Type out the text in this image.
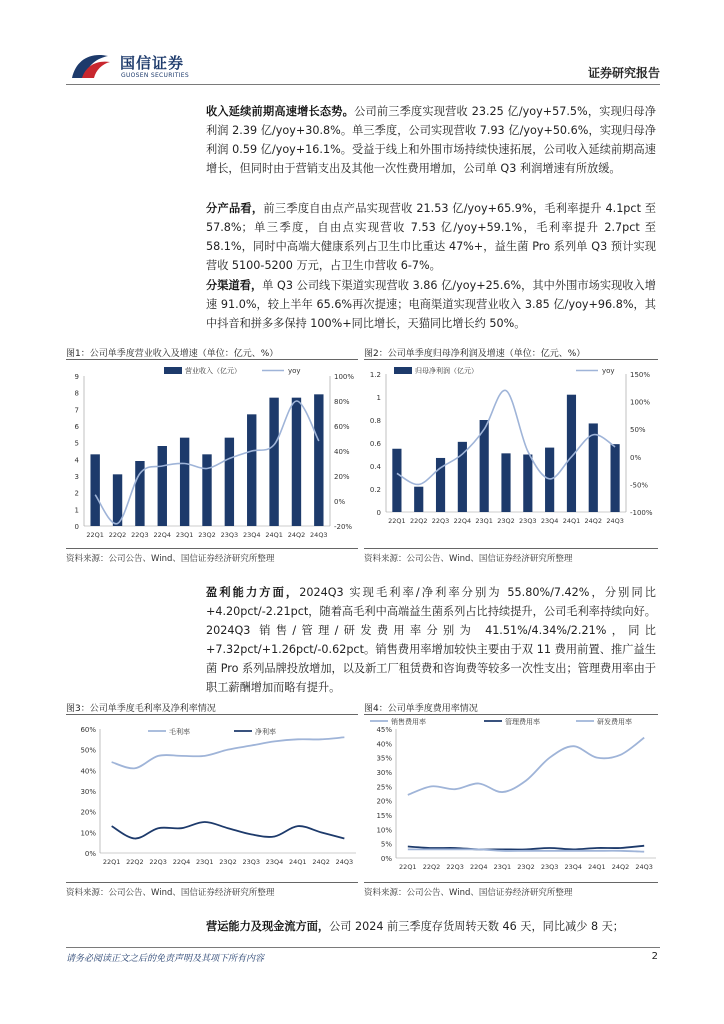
国信证券
GUOSEN SECURITIES	证券研究报告
收入延续前期高速增长态势。公司前三季度实现营收 23.25 亿/yoy+57.5%，实现归母净利润 2.39 亿/yoy+30.8%。单三季度，公司实现营收 7.93 亿/yoy+50.6%，实现归母净利润 0.59 亿/yoy+16.1%。受益于线上和外围市场持续快速拓展，公司收入延续前期高速增长，但同时由于营销支出及其他一次性费用增加，公司单 Q3 利润增速有所放缓。
分产品看，前三季度自由点产品实现营收 21.53 亿/yoy+65.9%，毛利率提升 4.1pct 至 57.8%；单三季度，自由点实现营收 7.53 亿/yoy+59.1%，毛利率提升 2.7pct 至 58.1%，同时中高端大健康系列占卫生巾比重达 47%+，益生菌 Pro 系列单 Q3 预计实现营收 5100-5200 万元，占卫生巾营收 6-7%。
分渠道看，单 Q3 公司线下渠道实现营收 3.86 亿/yoy+25.6%，其中外围市场实现收入增速 91.0%，较上半年 65.6%再次提速；电商渠道实现营业收入 3.85 亿/yoy+96.8%，其中抖音和拼多多保持 100%+同比增长，天猫同比增长约 50%。
图1：公司单季度营业收入及增速（单位：亿元、%）
0
1
2
3
4
5
6
7
8
9
-20%
0%
20%
40%
60%
80%
100%
22Q1 22Q2 22Q3 22Q4 23Q1 23Q2 23Q3 23Q4 24Q1 24Q2 24Q3
营业收入（亿元）	yoy
资料来源：公司公告、Wind、国信证券经济研究所整理
图2：公司单季度归母净利润及增速（单位：亿元、%）
0
0.2
0.4
0.6
0.8
1
1.2
-100%
-50%
0%
50%
100%
150%
22Q1 22Q2 22Q3 22Q4 23Q1 23Q2 23Q3 23Q4 24Q1 24Q2 24Q3
归母净利润（亿元）	yoy
资料来源：公司公告、Wind、国信证券经济研究所整理
盈利能力方面，2024Q3 实现毛利率/净利率分别为 55.80%/7.42%，分别同比+4.20pct/-2.21pct，随着高毛利中高端益生菌系列占比持续提升，公司毛利率持续向好。2024Q3 销售/管理/研发费用率分别为 41.51%/4.34%/2.21%，同比+7.32pct/+1.26pct/-0.62pct。销售费用率增加较快主要由于双 11 费用前置、推广益生菌 Pro 系列品牌投放增加，以及新工厂租赁费和咨询费等较多一次性支出；管理费用率由于职工薪酬增加而略有提升。
图3：公司单季度毛利率及净利率情况
0%
10%
20%
30%
40%
50%
60%
22Q1 22Q2 22Q3 22Q4 23Q1 23Q2 23Q3 23Q4 24Q1 24Q2 24Q3
毛利率	净利率
资料来源：公司公告、Wind、国信证券经济研究所整理
图4：公司单季度费用率情况
0%
5%
10%
15%
20%
25%
30%
35%
40%
45%
22Q1 22Q2 22Q3 22Q4 23Q1 23Q2 23Q3 23Q4 24Q1 24Q2 24Q3
销售费用率	管理费用率	研发费用率
资料来源：公司公告、Wind、国信证券经济研究所整理
营运能力及现金流方面，公司 2024 前三季度存货周转天数 46 天，同比减少 8 天；
请务必阅读正文之后的免责声明及其项下所有内容	2
